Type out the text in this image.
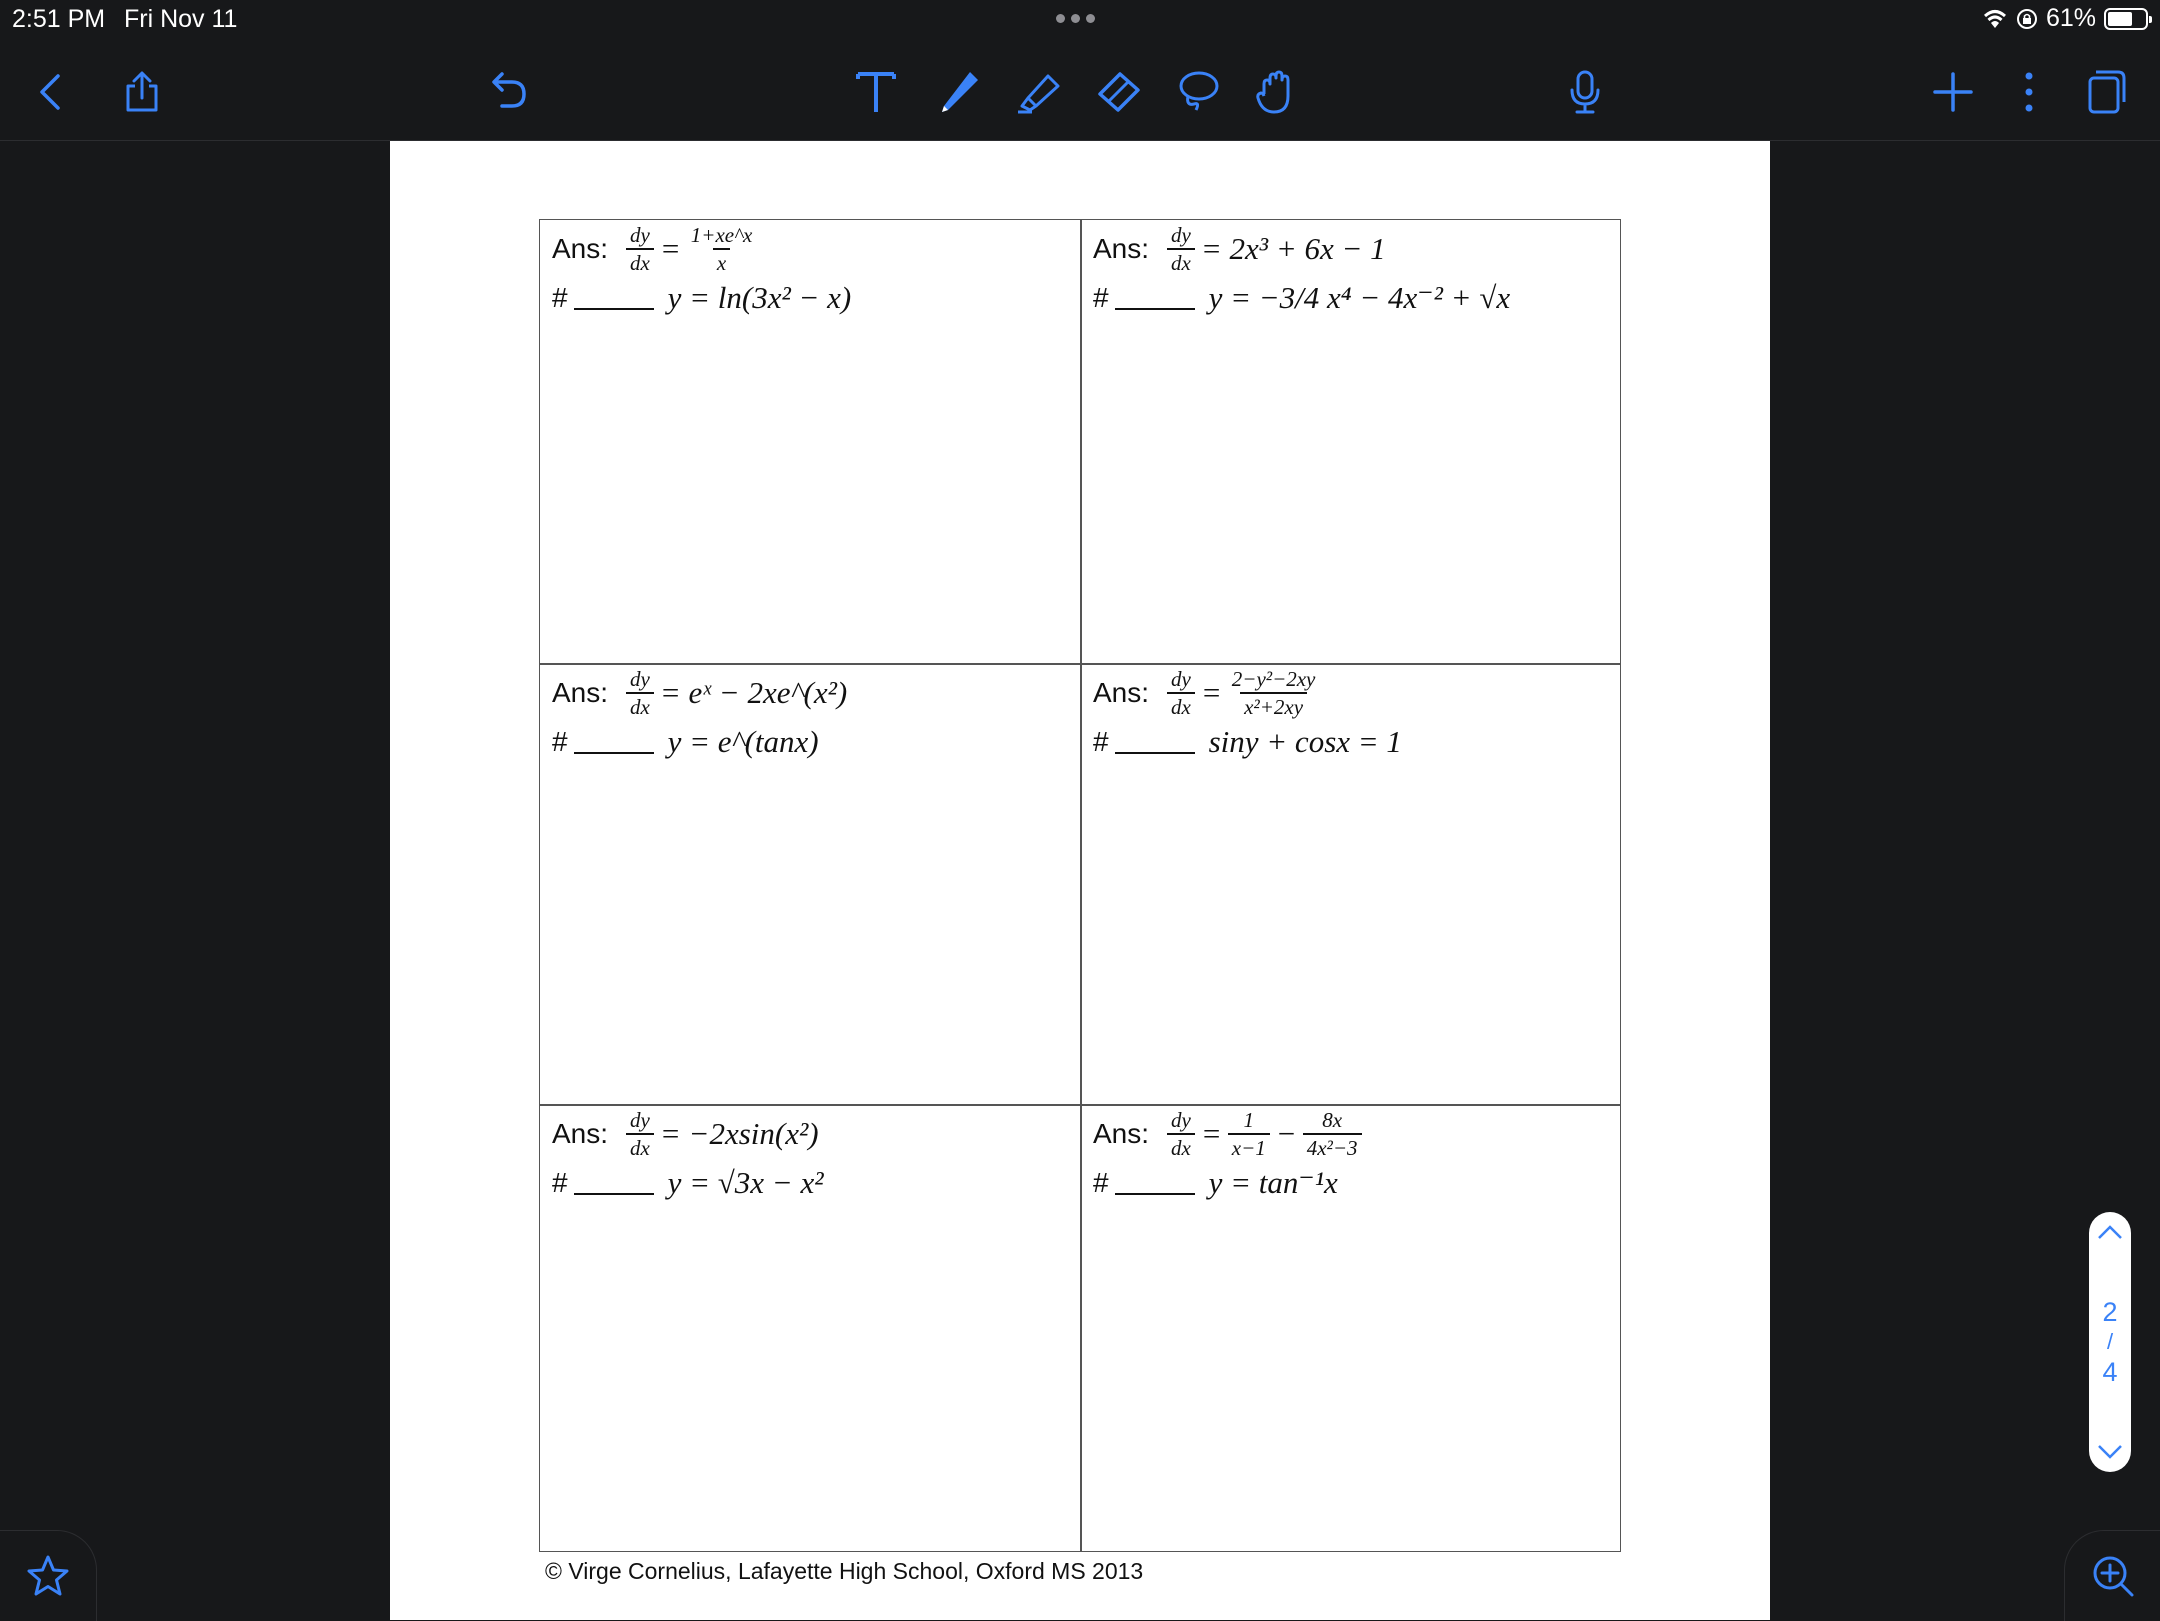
2:51 PM Fri Nov 11	61%
Ans: $\frac{dy}{dx} = \frac{1+xe\^{}x}{x}$
#	y = ln(3x² − x)
Ans: $\frac{dy}{dx} = 2x^3 + 6x - 1$
#	y = −3/4 x⁴ − 4x⁻² + √x
Ans: $\frac{dy}{dx}$ = eˣ − 2xe^(x²)
#	y = e^(tanx)
Ans: $\frac{dy}{dx} = \frac{\text{2−y²−2xy}}{\text{x²+2xy}}$
#	siny + cosx = 1
Ans: $\frac{dy}{dx} = -2xsin(x^2)$
#	y = √3x − x²
Ans: $\frac{dy}{dx} = \frac{1}{x-1} - \frac{8x}{\text{4x²−3}}$
#	y = tan⁻¹x
© Virge Cornelius, Lafayette High School, Oxford MS 2013
2
/
4
